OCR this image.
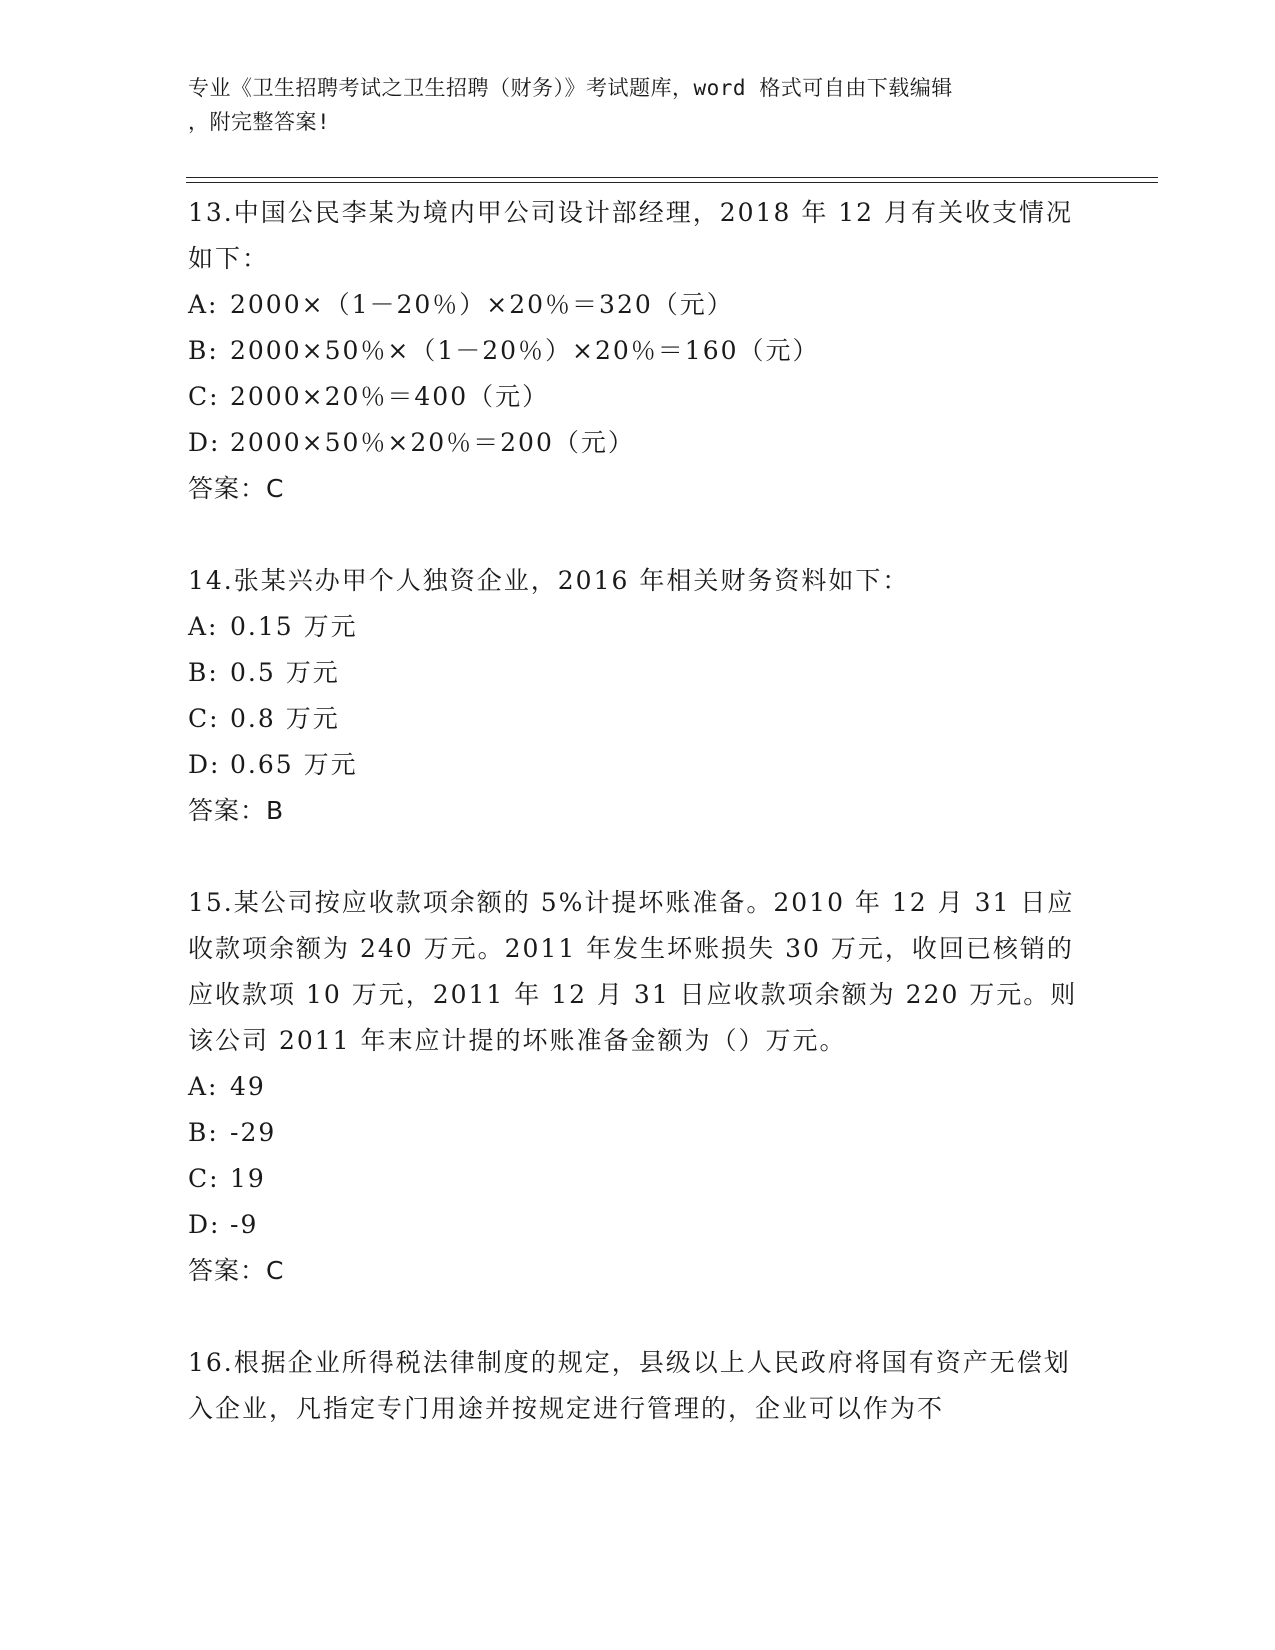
专业《卫生招聘考试之卫生招聘（财务）》考试题库，word 格式可自由下载编辑
，附完整答案!

13.中国公民李某为境内甲公司设计部经理，2018 年 12 月有关收支情况如下：

A: 2000×（1－20％）×20％＝320（元）

B: 2000×50％×（1－20％）×20％＝160（元）

C: 2000×20％＝400（元）

D: 2000×50％×20％＝200（元）

答案：C

14.张某兴办甲个人独资企业，2016 年相关财务资料如下：

A: 0.15 万元

B: 0.5 万元

C: 0.8 万元

D: 0.65 万元

答案：B

15.某公司按应收款项余额的 5%计提坏账准备。2010 年 12 月 31 日应收款项余额为 240 万元。2011 年发生坏账损失 30 万元，收回已核销的应收款项 10 万元，2011 年 12 月 31 日应收款项余额为 220 万元。则该公司 2011 年末应计提的坏账准备金额为（）万元。

A: 49

B: -29

C: 19

D: -9

答案：C

16.根据企业所得税法律制度的规定，县级以上人民政府将国有资产无偿划入企业，凡指定专门用途并按规定进行管理的，企业可以作为不
